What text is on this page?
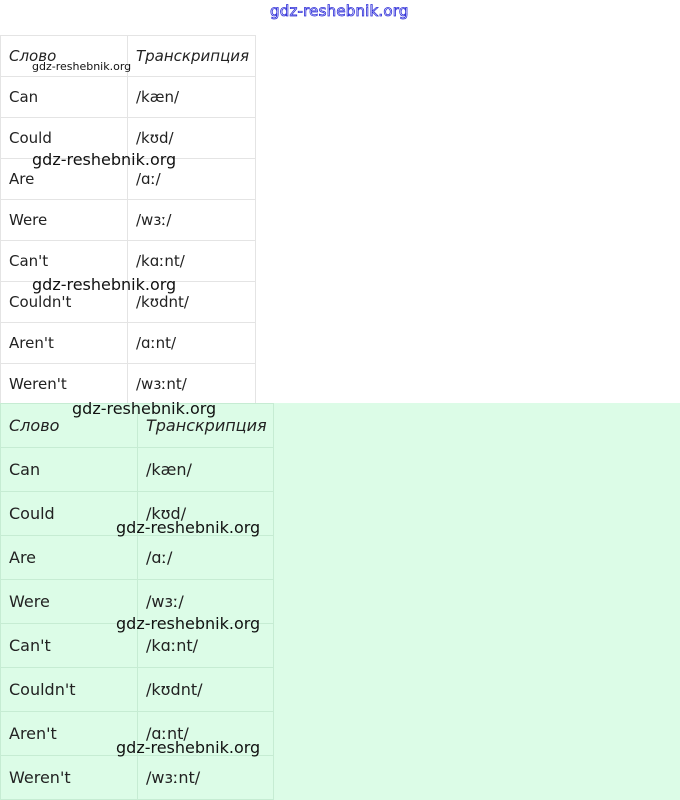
gdz-reshebnik.org
Слово	Транскрипция
Can	/kæn/
Could	/kʊd/
Are	/ɑː/
Were	/wɜː/
Can't	/kɑːnt/
Couldn't	/kʊdnt/
Aren't	/ɑːnt/
Weren't	/wɜːnt/
Слово	Транскрипция
Can	/kæn/
Could	/kʊd/
Are	/ɑː/
Were	/wɜː/
Can't	/kɑːnt/
Couldn't	/kʊdnt/
Aren't	/ɑːnt/
Weren't	/wɜːnt/
gdz-reshebnik.org
gdz-reshebnik.org
gdz-reshebnik.org
gdz-reshebnik.org
gdz-reshebnik.org
gdz-reshebnik.org
gdz-reshebnik.org
